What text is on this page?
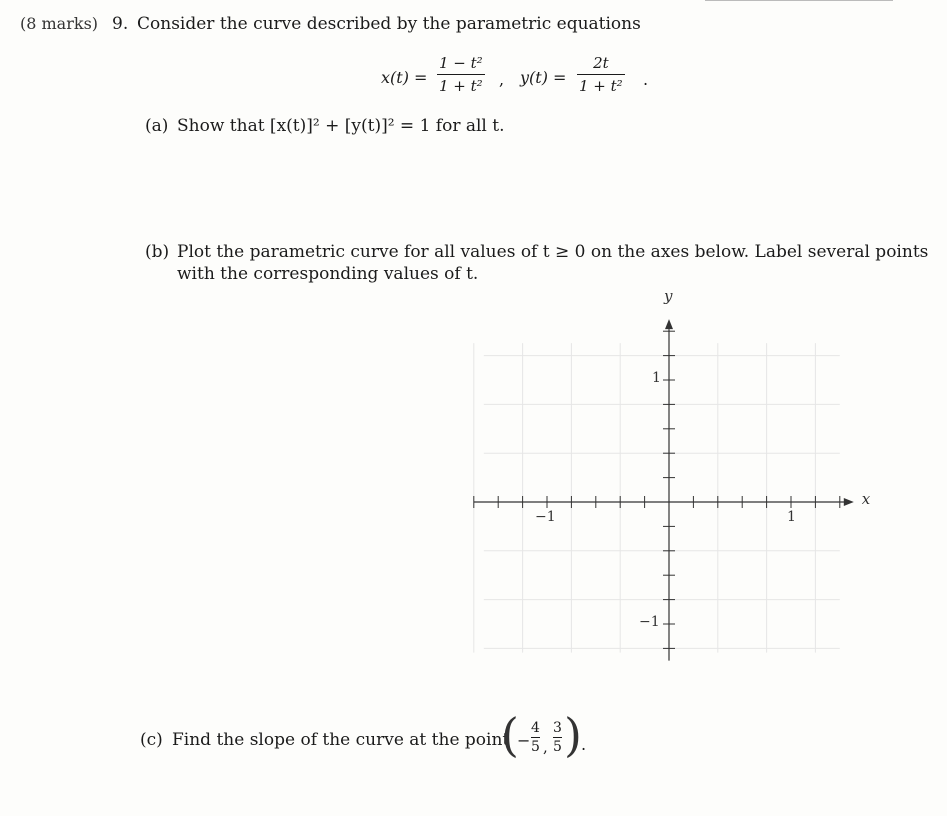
(8 marks) 9. Consider the curve described by the parametric equations
x(t) =
1 − t²
1 + t² , y(t) =
2t
1 + t² .
(a) Show that [x(t)]² + [y(t)]² = 1 for all t.
(b) Plot the parametric curve for all values of t ≥ 0 on the axes below. Label several points
with the corresponding values of t.
y
x
1
−1
1
−1
(c) Find the slope of the curve at the point
(
−
4
5 ,
3
5 ) .
